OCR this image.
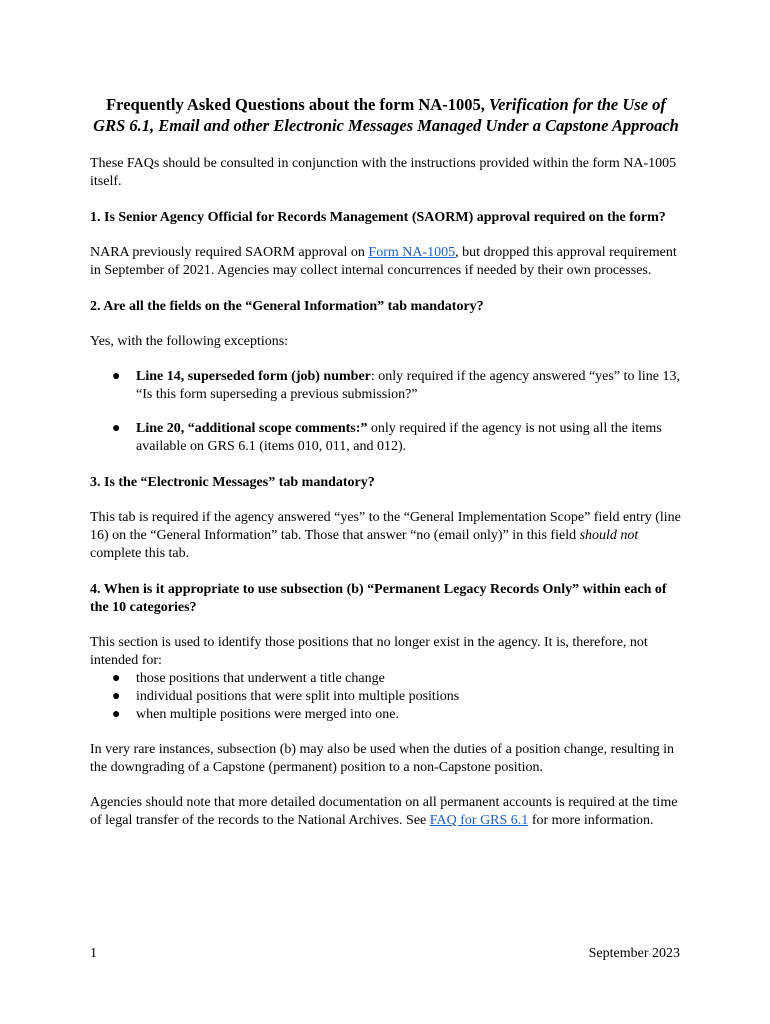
Frequently Asked Questions about the form NA-1005, Verification for the Use of GRS 6.1, Email and other Electronic Messages Managed Under a Capstone Approach

These FAQs should be consulted in conjunction with the instructions provided within the form NA-1005 itself.

1. Is Senior Agency Official for Records Management (SAORM) approval required on the form?

NARA previously required SAORM approval on Form NA-1005, but dropped this approval requirement in September of 2021. Agencies may collect internal concurrences if needed by their own processes.

2. Are all the fields on the “General Information” tab mandatory?

Yes, with the following exceptions:

● Line 14, superseded form (job) number: only required if the agency answered “yes” to line 13, “Is this form superseding a previous submission?”
● Line 20, “additional scope comments:” only required if the agency is not using all the items available on GRS 6.1 (items 010, 011, and 012).

3. Is the “Electronic Messages” tab mandatory?

This tab is required if the agency answered “yes” to the “General Implementation Scope” field entry (line 16) on the “General Information” tab. Those that answer “no (email only)” in this field should not complete this tab.

4. When is it appropriate to use subsection (b) “Permanent Legacy Records Only” within each of the 10 categories?

This section is used to identify those positions that no longer exist in the agency. It is, therefore, not intended for:

● those positions that underwent a title change
● individual positions that were split into multiple positions
● when multiple positions were merged into one.

In very rare instances, subsection (b) may also be used when the duties of a position change, resulting in the downgrading of a Capstone (permanent) position to a non-Capstone position.

Agencies should note that more detailed documentation on all permanent accounts is required at the time of legal transfer of the records to the National Archives. See FAQ for GRS 6.1 for more information.

1	September 2023
